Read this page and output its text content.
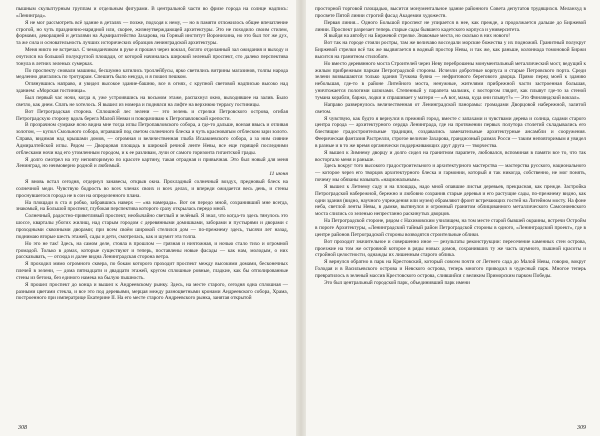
пышным скульптурным группам и отдельным фигурами. В центральной части во фризе города на солнце надпись: «Ленинград».

Я не мог рассмотреть всё здание в деталях — позже, подходя к нему, — но в памяти отложилось общее впечатление строгой, но чуть празднично-нарядной или, скорее, жизнеутверждающей архитектуры. Это не походило своим стилем, формами, декорацией и деталями на Адмиралтейство Захарова, на Горный институт Воронихина, но это был тот же дух, та же сила и основательность лучших исторических образцов ленинградской архитектуры.

Меня никто не встречал. С чемоданчиком в руке я прошел через вокзал, богато отделанный зал ожидания и выходу и очутился на большой полукруглой площади, от которой начиналась широкий зеленый проспект, сто далеко перспектива тонула в летних зеленых сумерках.

По проспекту сновали машины, бесшумно катились троллейбусы, ярко светились витрины магазинов, толпы народа медленно двигались по тротуарам. Спешить было некуда, и я пошел пешком.

Оглянувшись направо, я увидел высокое здание-башню, все в огнях, с крупной световой надписью высоко над зданием: «Морская гостиница».

Был первый час ночи, когда я, уже устроившись на восьмом этаже, распахнул окно, выходившее на залив. Было светло, как днем. Спать не хотелось. Я вышел из номера и поднялся на лифте на верхнюю террасу гостиницы.

Вот Петроградская сторона. Сплошной лес зелени — это зелень и стрелки Петровского острова, огибая Петроградскую сторону вдоль берега Малой Невки и поворачиваю к Петропавловской крепости.

В прозрачном сумраке ясно видна мне тогда иглы Петропавловского собора, а где-то дальше, вонзая ввысь и отливая золотом, — купол Смольного собора, игравший под светом солнечного блеска и чуть красноватым отблеском зари золото. Справа, видимая над крышами домов, — огромная и величественная глыба Исаакиевского собора, а за ним сияние Адмиралтейской иглы. Рядом — Дворцовая площадь в широкой речной ленте Невы, все еще горящей последними отблесками ночи над его утомленным городом, и к ее разливам, лучи от самого горизонта гигантской грады.

Я долго смотрел на эту неповторимую по красоте картину, такая отрадная и привычная. Это был новый для меня Ленинград, но неимоверно родной и любимый.

11 июня

Я вновь встал сегодня, отдернул занавесы, открыв окна. Прохладный солнечный воздух, предновый блеск на солнечной меди. Чувствую бодрость во всех членах своих и всех делах, и впереди ожидается весь день, и стены проснувшегося города не в сон на определенного плана.

На площади в ста я робко, забравшись наверх — «на намерада». Вот он передо мной, сохранивший мне всегда, знакомый, на Большой проспект, глубокая перспектива которого сразу открылась передо мной.

Солнечный, радостно-приветливый проспект, необычайно светлый и зелёный. Я знал, что когда-то здесь тянулось это шоссе, кварталы убогих жилищ, над старым городом с деревянными домишками, заборами и пустырями и дворами с проходными сквозными дворами; при всем своём широкой стелился дом — по-прежнему здесь, тысячи лет назад, поднимаю вторые шесть этажей, сады и дети, смотрелась, как и шумит эта толпа.

Но это не так! Здесь, на самом деле, стояла в прошлом — грязная и ничтожная, и ночью стало тихо и огромной громадой. Только в домах, которые существуют и теперь, поставлены новые фасады — как нам, молодым, о них рассказывать, — отсюда и далее видна Ленинградская сторона ветра.

Я проходил мимо огромного сквера, по бокам которого проходит проспект между высокими домами, бесконечных плечей в зелени, — дома пятнадцати и двадцати этажей, кругом сплошные ровные, гладкие, как бы отполированные стены из бетона, без единого намека на былую пышность.

Я прошел проспект до конца и вышел к Андреевскому рынку. Здесь, на месте старого, сегодня одна сплошная — разными цветами стекла, и все это под деревьями, мерцая между разноцветными кронами Андреевского собора, Храма, построенного при императрице Екатерине II. На его месте старого Андреевского рынка, занятая открытой

просторной торговой площадью, высится монументальное здание районного Совета депутатов трудящихся. Меланхуд в просвете Пятой линии строгий фасад Академии художеств.

Первая линия... Одного Большой проспект не упирается в нее, как прежде, а продолжается дальше до Биржевой линии. Проспект разрезает теперь старые сады бывшего кадетского корпуса и университета.

Я выйдя на автобус на Биржевой стрелке. Знакомые места, но сколько в них нового!

Вот так на городе стояли ростры, там же величаво восседали морские божества у их подножий. Гранитный полукруг Биржевой стрелки всё так же выдвигается в водный простор Невы, и так же, как раньше, колоннада томоновой Биржи высится на гранитном стилобате.

Но вместо деревянного моста Строителей через Неву переброшены монументальный металлический мост, ведущий к жилым прибрежным паркам Петроградской стороны. Исчезли добротные корпуса и старые Петровского порта. Среди зелени возвышаются только здания Тучкова буяна — нефритового берегового дворца. Прямо перед моей к зданию небольшая, где-то в районе Литейного моста, ненужные, жителями прибрежной части застроенная большая, уничтожается пологими шлюзами. Степенный у парапета мальчик, с восторгом глядит, как плывут где-то за стеной тумана корабли, баржи, лодки и спрашивает у матери — «А вот, мама, куда они плывут?» — Это Финляндский вокзал».

Направо развернулось величественная от Ленинградской панорамы: громадами Дворцовой набережной, залитой светом.

Я чувствую, как будто я вернулся в прежний город, вместе с запахами и чувствами дерева и солнца, садами старого центра города — архитектурного сердца Ленинграда, где на протяжении первых полутора столетий складывались его блестящие градостроительные традиции, создавались замечательные архитектурные ансамбли и сооружения. Феерическая фантазия Растрелли, строгое величие Захарова, грандиозный размах Росси — таким неповторимым я увидел в разные и в то же время органически поддерживающих друг друга — творчества.

Я вышел к Зимнему дворцу и долго сидел на гранитном парапете, любовался, вспоминая в памяти все то, что так восторгало меня и раньше.

Здесь вокруг того высокого градостроительного и архитектурного мастерства — мастерства русского, национального — которое через его творцов архитектурного блеска и гармонии, который я так никогда, собственно, не мог понять, почему мы обязаны называть «национальным».

Я вышел к Летнему саду и на площадь, надо мной опавшие листья деревьев, прекрасная, как прежде. Застройка Петроградской набережной, бережно и любовно сохранив старые деревья и его растущие сады, по-прежнему видно, как одни здания (видно, научного учреждения или музея) обрамляют фронт встречающих гостей на Литейном мосту. На фоне неба, светлой ленты Невы, в дымке, вытянулся и огромный гранитом облицованного металлического Самсониевского моста слились со зеленью непрестанно раскинутых дворцов.

На Петроградской стороне, рядом с Нахимовским училищем, на том месте старой бывшей окраины, встречи Остройм в пороге Архитектуры, «Ленинградский тайный район Петроградской стороны в одного, «Ленинградский проект», где в центре районов Петроградской стороны возводятся строительные облики.

Вот проходит значительное и совершенно иное — результаты реконструкции: пересечение каменных стен острова, проезжие на том же островной которое в ряды новых домов, сохранивших ту же часть шумного, пышной красоты и стройной целостности, однажды их лишенным старого облика.

Я вернулся обратно в парк на Крестовский, который совсем почти от Летнего сада до Малой Невы, говорю, вокруг Голодая и в Васильевского острова и Невского острова, теперь многого приводил в чудесный парк. Многое теперь превратилось в зеленый массив Крестовского острова, слившийся с великим Приморским парком Победы.

Это был центральный городской парк, объединивший парк имени

308	309
